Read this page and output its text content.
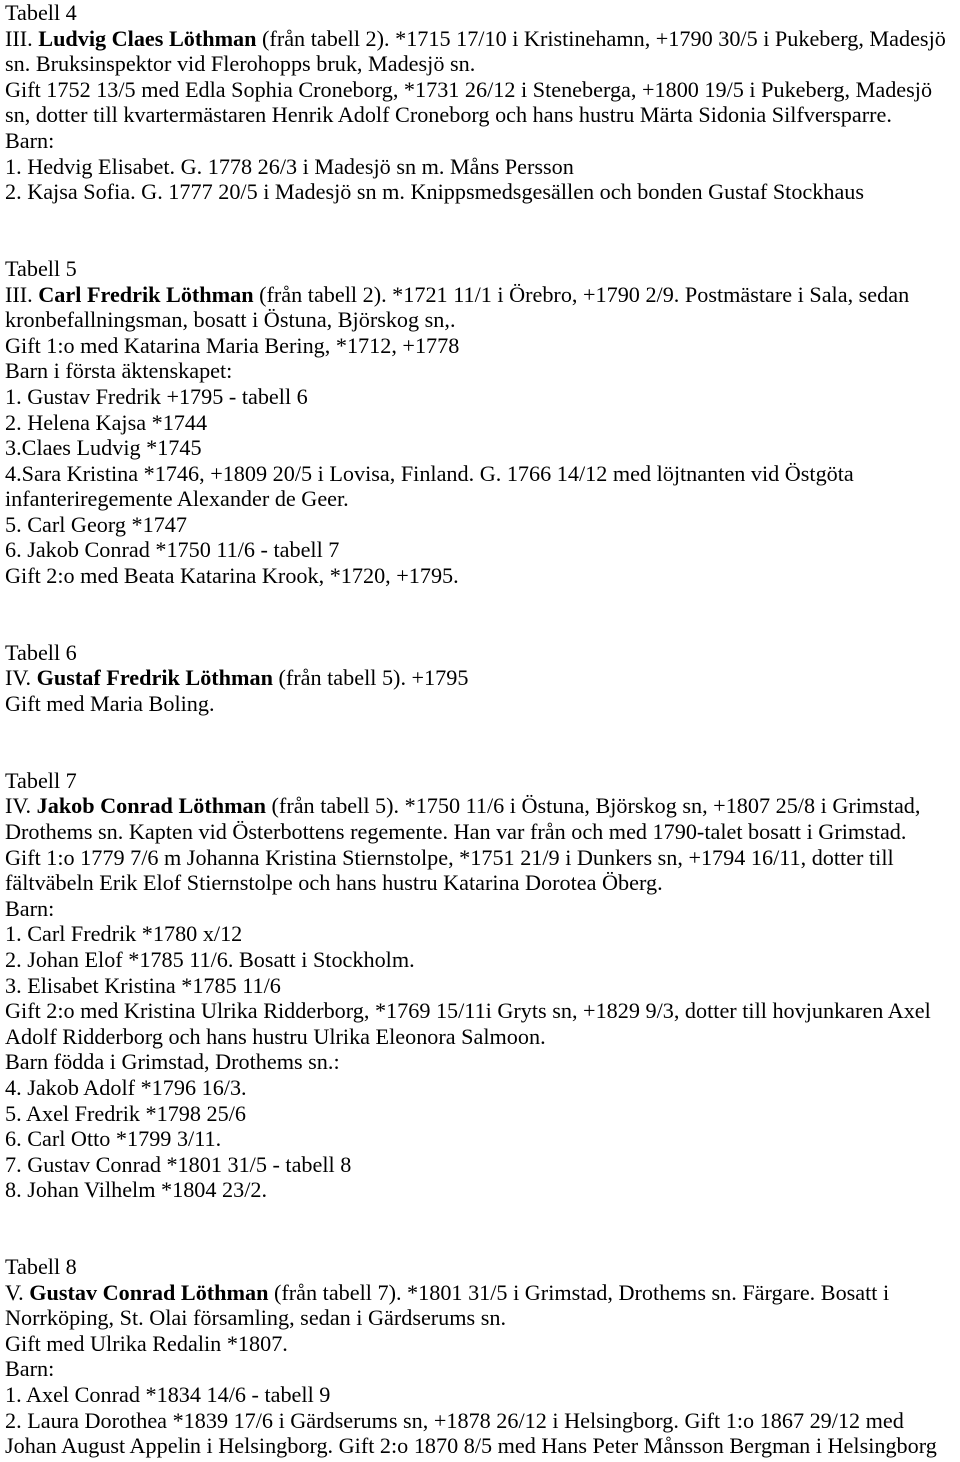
Tabell 4
III. Ludvig Claes Löthman (från tabell 2). *1715 17/10 i Kristinehamn, +1790 30/5 i Pukeberg, Madesjö
sn. Bruksinspektor vid Flerohopps bruk, Madesjö sn.
Gift 1752 13/5 med Edla Sophia Croneborg, *1731 26/12 i Steneberga, +1800 19/5 i Pukeberg, Madesjö
sn, dotter till kvartermästaren Henrik Adolf Croneborg och hans hustru Märta Sidonia Silfversparre.
Barn:
1. Hedvig Elisabet. G. 1778 26/3 i Madesjö sn m. Måns Persson
2. Kajsa Sofia. G. 1777 20/5 i Madesjö sn m. Knippsmedsgesällen och bonden Gustaf Stockhaus
Tabell 5
III. Carl Fredrik Löthman (från tabell 2). *1721 11/1 i Örebro, +1790 2/9. Postmästare i Sala, sedan
kronbefallningsman, bosatt i Östuna, Björskog sn,.
Gift 1:o med Katarina Maria Bering, *1712, +1778
Barn i första äktenskapet:
1. Gustav Fredrik +1795 - tabell 6
2. Helena Kajsa *1744
3.Claes Ludvig *1745
4.Sara Kristina *1746, +1809 20/5 i Lovisa, Finland. G. 1766 14/12 med löjtnanten vid Östgöta
infanteriregemente Alexander de Geer.
5. Carl Georg *1747
6. Jakob Conrad *1750 11/6 - tabell 7
Gift 2:o med Beata Katarina Krook, *1720, +1795.
Tabell 6
IV. Gustaf Fredrik Löthman (från tabell 5). +1795
Gift med Maria Boling.
Tabell 7
IV. Jakob Conrad Löthman (från tabell 5). *1750 11/6 i Östuna, Björskog sn, +1807 25/8 i Grimstad,
Drothems sn. Kapten vid Österbottens regemente. Han var från och med 1790-talet bosatt i Grimstad.
Gift 1:o 1779 7/6 m Johanna Kristina Stiernstolpe, *1751 21/9 i Dunkers sn, +1794 16/11, dotter till
fältväbeln Erik Elof Stiernstolpe och hans hustru Katarina Dorotea Öberg.
Barn:
1. Carl Fredrik *1780 x/12
2. Johan Elof *1785 11/6. Bosatt i Stockholm.
3. Elisabet Kristina *1785 11/6
Gift 2:o med Kristina Ulrika Ridderborg, *1769 15/11i Gryts sn, +1829 9/3, dotter till hovjunkaren Axel
Adolf Ridderborg och hans hustru Ulrika Eleonora Salmoon.
Barn födda i Grimstad, Drothems sn.:
4. Jakob Adolf *1796 16/3.
5. Axel Fredrik *1798 25/6
6. Carl Otto *1799 3/11.
7. Gustav Conrad *1801 31/5 - tabell 8
8. Johan Vilhelm *1804 23/2.
Tabell 8
V. Gustav Conrad Löthman (från tabell 7). *1801 31/5 i Grimstad, Drothems sn. Färgare. Bosatt i
Norrköping, St. Olai församling, sedan i Gärdserums sn.
Gift med Ulrika Redalin *1807.
Barn:
1. Axel Conrad *1834 14/6 - tabell 9
2. Laura Dorothea *1839 17/6 i Gärdserums sn, +1878 26/12 i Helsingborg. Gift 1:o 1867 29/12 med
Johan August Appelin i Helsingborg. Gift 2:o 1870 8/5 med Hans Peter Månsson Bergman i Helsingborg
